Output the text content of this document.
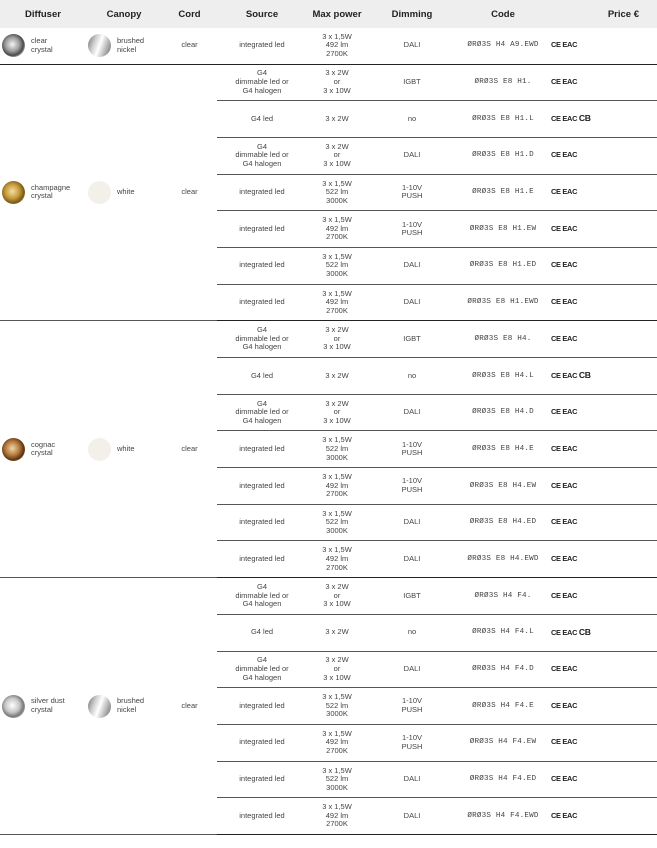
Diffuser	Canopy	Cord	Source	Max power	Dimming	Code		Price €

clear
crystal	brushed
nickel	clear	integrated led	3 x 1,5W
492 lm
2700K	DALI	ØRØ3S H4 A9.EWD	CE EAC	

champagne
crystal	white	clear	G4
dimmable led or
G4 halogen	3 x 2W
or
3 x 10W	IGBT	ØRØ3S E8 H1.	CE EAC	
			G4 led	3 x 2W	no	ØRØ3S E8 H1.L	CE EAC CB	
			G4
dimmable led or
G4 halogen	3 x 2W
or
3 x 10W	DALI	ØRØ3S E8 H1.D	CE EAC	
			integrated led	3 x 1,5W
522 lm
3000K	1-10V
PUSH	ØRØ3S E8 H1.E	CE EAC	
			integrated led	3 x 1,5W
492 lm
2700K	1-10V
PUSH	ØRØ3S E8 H1.EW	CE EAC	
			integrated led	3 x 1,5W
522 lm
3000K	DALI	ØRØ3S E8 H1.ED	CE EAC	
			integrated led	3 x 1,5W
492 lm
2700K	DALI	ØRØ3S E8 H1.EWD	CE EAC	

cognac
crystal	white	clear	G4
dimmable led or
G4 halogen	3 x 2W
or
3 x 10W	IGBT	ØRØ3S E8 H4.	CE EAC	
			G4 led	3 x 2W	no	ØRØ3S E8 H4.L	CE EAC CB	
			G4
dimmable led or
G4 halogen	3 x 2W
or
3 x 10W	DALI	ØRØ3S E8 H4.D	CE EAC	
			integrated led	3 x 1,5W
522 lm
3000K	1-10V
PUSH	ØRØ3S E8 H4.E	CE EAC	
			integrated led	3 x 1,5W
492 lm
2700K	1-10V
PUSH	ØRØ3S E8 H4.EW	CE EAC	
			integrated led	3 x 1,5W
522 lm
3000K	DALI	ØRØ3S E8 H4.ED	CE EAC	
			integrated led	3 x 1,5W
492 lm
2700K	DALI	ØRØ3S E8 H4.EWD	CE EAC	

silver dust
crystal	brushed
nickel	clear	G4
dimmable led or
G4 halogen	3 x 2W
or
3 x 10W	IGBT	ØRØ3S H4 F4.	CE EAC	
			G4 led	3 x 2W	no	ØRØ3S H4 F4.L	CE EAC CB	
			G4
dimmable led or
G4 halogen	3 x 2W
or
3 x 10W	DALI	ØRØ3S H4 F4.D	CE EAC	
			integrated led	3 x 1,5W
522 lm
3000K	1-10V
PUSH	ØRØ3S H4 F4.E	CE EAC	
			integrated led	3 x 1,5W
492 lm
2700K	1-10V
PUSH	ØRØ3S H4 F4.EW	CE EAC	
			integrated led	3 x 1,5W
522 lm
3000K	DALI	ØRØ3S H4 F4.ED	CE EAC	
			integrated led	3 x 1,5W
492 lm
2700K	DALI	ØRØ3S H4 F4.EWD	CE EAC	
